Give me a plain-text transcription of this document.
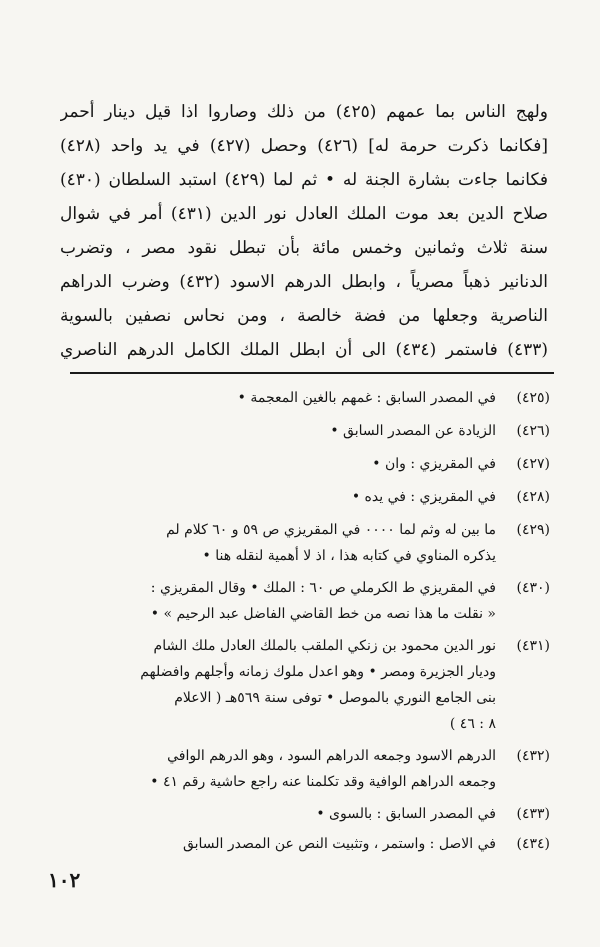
ولهج الناس بما عمهم (٤٢٥) من ذلك وصاروا اذا قيل دينار أحمر
[فكانما ذكرت حرمة له] (٤٢٦) وحصل (٤٢٧) في يد واحد (٤٢٨)
فكانما جاءت بشارة الجنة له • ثم لما (٤٢٩) استبد السلطان (٤٣٠)
صلاح الدين بعد موت الملك العادل نور الدين (٤٣١) أمر في شوال
سنة ثلاث وثمانين وخمس مائة بأن تبطل نقود مصر ، وتضرب
الدنانير ذهباً مصرياً ، وابطل الدرهم الاسود (٤٣٢) وضرب الدراهم
الناصرية وجعلها من فضة خالصة ، ومن نحاس نصفين بالسوية
(٤٣٣) فاستمر (٤٣٤) الى أن ابطل الملك الكامل الدرهم الناصري
(٤٢٥)
في المصدر السابق : غمهم بالغين المعجمة •
(٤٢٦)
الزيادة عن المصدر السابق •
(٤٢٧)
في المقريزي : وان •
(٤٢٨)
في المقريزي : في يده •
(٤٢٩)
ما بين له وثم لما ٠٠٠٠ في المقريزي ص ٥٩ و ٦٠ كلام لم
يذكره المناوي في كتابه هذا ، اذ لا أهمية لنقله هنا •
(٤٣٠)
في المقريزي ط الكرملي ص ٦٠ : الملك • وقال المقريزي :
« نقلت ما هذا نصه من خط القاضي الفاضل عبد الرحيم » •
(٤٣١)
نور الدين محمود بن زنكي الملقب بالملك العادل ملك الشام
وديار الجزيرة ومصر • وهو اعدل ملوك زمانه وأجلهم وافضلهم
بنى الجامع النوري بالموصل • توفى سنة ٥٦٩هـ ( الاعلام
٨ : ٤٦ )
(٤٣٢)
الدرهم الاسود وجمعه الدراهم السود ، وهو الدرهم الوافي
وجمعه الدراهم الوافية وقد تكلمنا عنه راجع حاشية رقم ٤١ •
(٤٣٣)
في المصدر السابق : بالسوى •
(٤٣٤)
في الاصل : واستمر ، وتثبيت النص عن المصدر السابق
١٠٢
